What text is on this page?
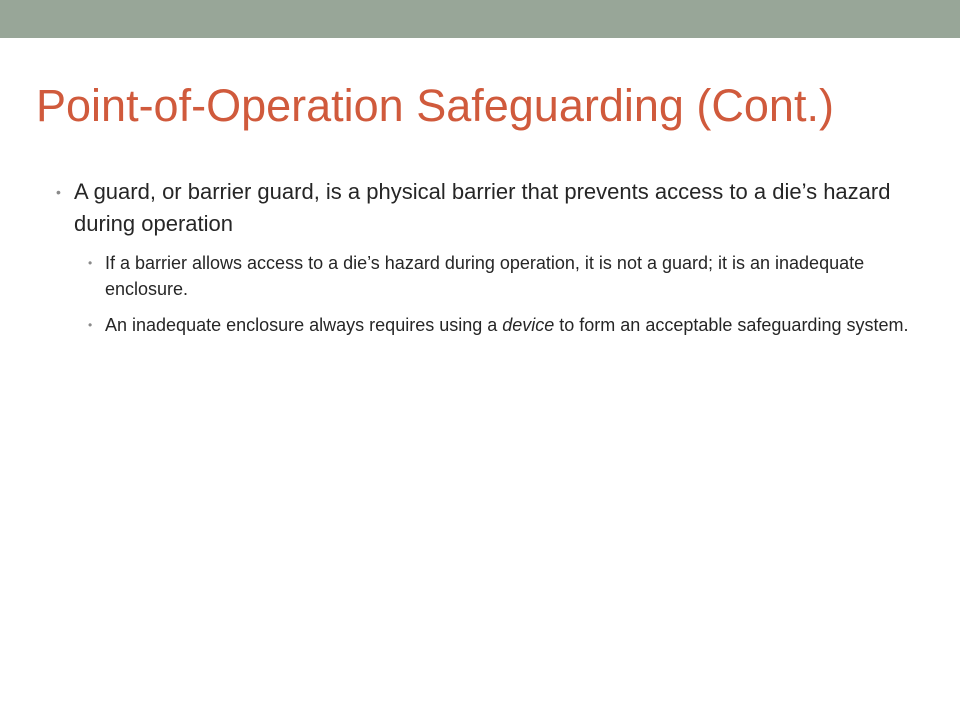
Point-of-Operation Safeguarding (Cont.)
• A guard, or barrier guard, is a physical barrier that prevents access to a die’s hazard during operation
• If a barrier allows access to a die’s hazard during operation, it is not a guard; it is an inadequate enclosure.
• An inadequate enclosure always requires using a device to form an acceptable safeguarding system.
